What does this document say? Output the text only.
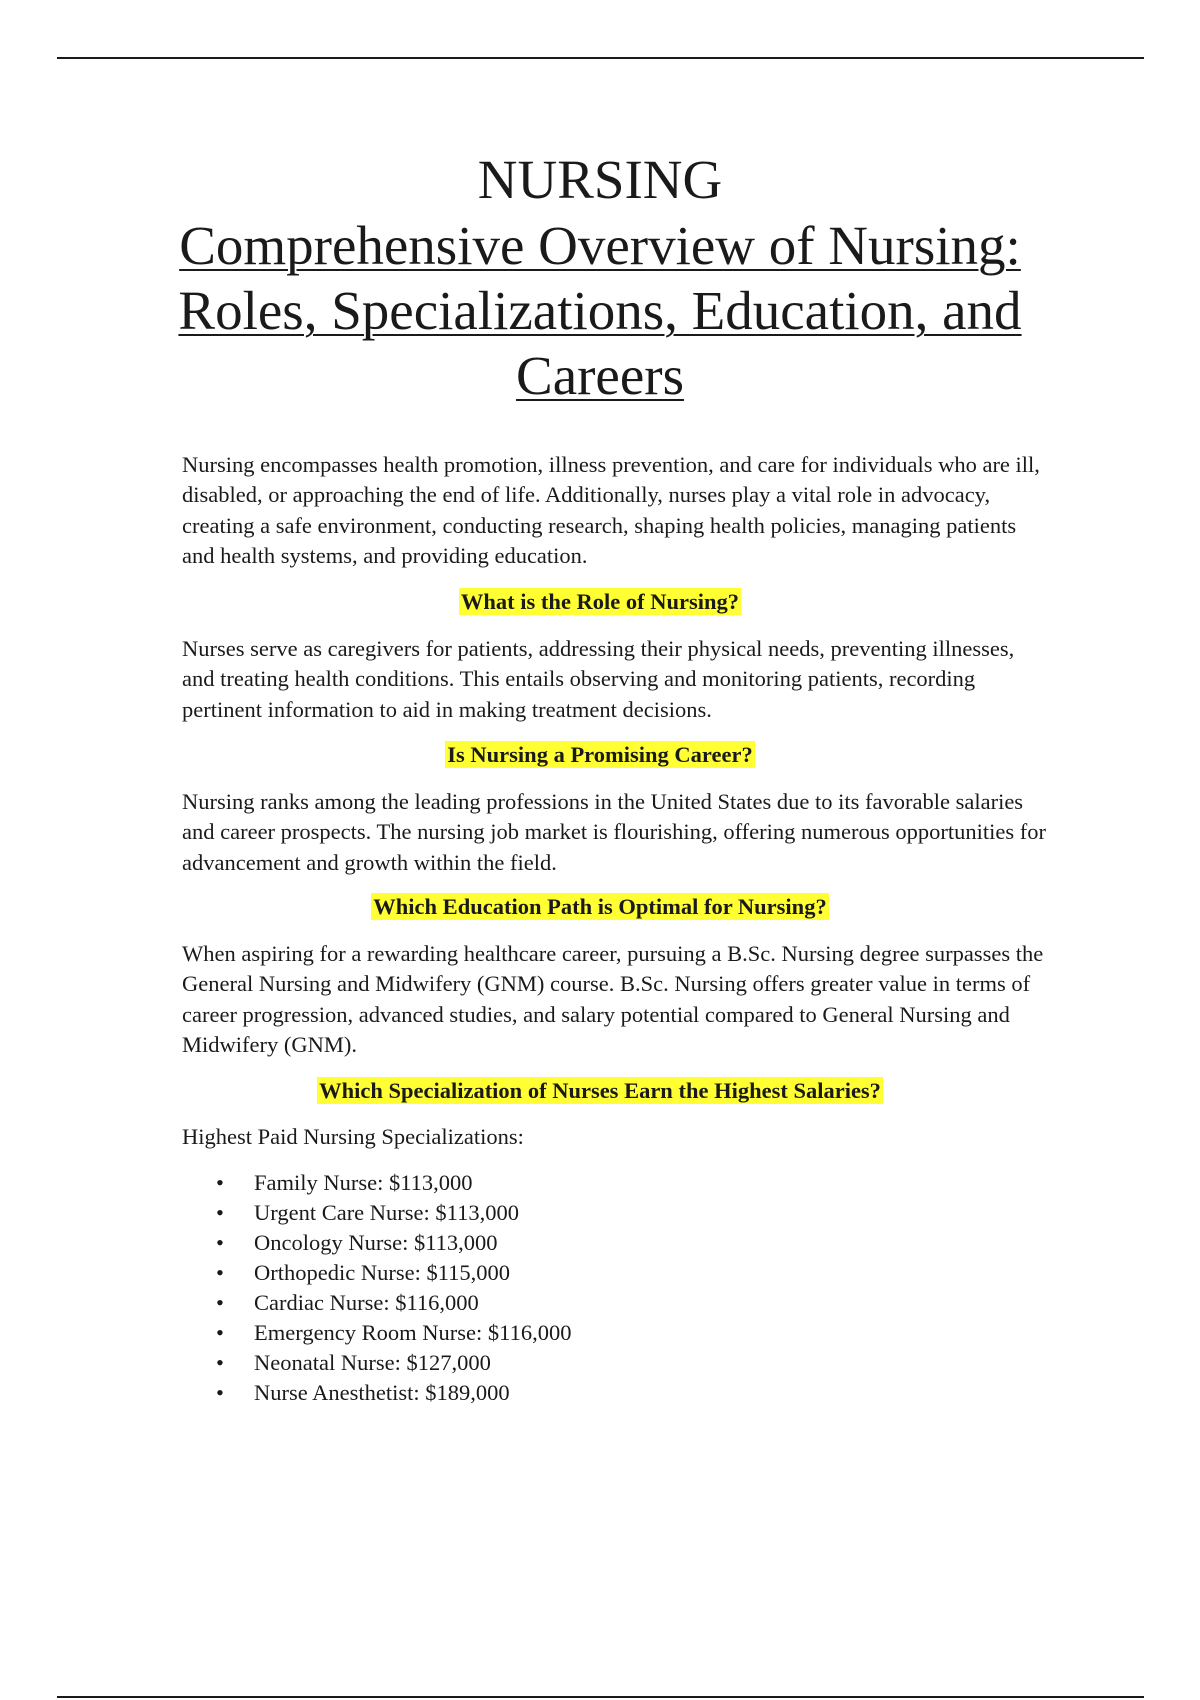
NURSING
Comprehensive Overview of Nursing: Roles, Specializations, Education, and Careers

Nursing encompasses health promotion, illness prevention, and care for individuals who are ill, disabled, or approaching the end of life. Additionally, nurses play a vital role in advocacy, creating a safe environment, conducting research, shaping health policies, managing patients and health systems, and providing education.

What is the Role of Nursing?

Nurses serve as caregivers for patients, addressing their physical needs, preventing illnesses, and treating health conditions. This entails observing and monitoring patients, recording pertinent information to aid in making treatment decisions.

Is Nursing a Promising Career?

Nursing ranks among the leading professions in the United States due to its favorable salaries and career prospects. The nursing job market is flourishing, offering numerous opportunities for advancement and growth within the field.

Which Education Path is Optimal for Nursing?

When aspiring for a rewarding healthcare career, pursuing a B.Sc. Nursing degree surpasses the General Nursing and Midwifery (GNM) course. B.Sc. Nursing offers greater value in terms of career progression, advanced studies, and salary potential compared to General Nursing and Midwifery (GNM).

Which Specialization of Nurses Earn the Highest Salaries?

Highest Paid Nursing Specializations:

• Family Nurse: $113,000
• Urgent Care Nurse: $113,000
• Oncology Nurse: $113,000
• Orthopedic Nurse: $115,000
• Cardiac Nurse: $116,000
• Emergency Room Nurse: $116,000
• Neonatal Nurse: $127,000
• Nurse Anesthetist: $189,000
